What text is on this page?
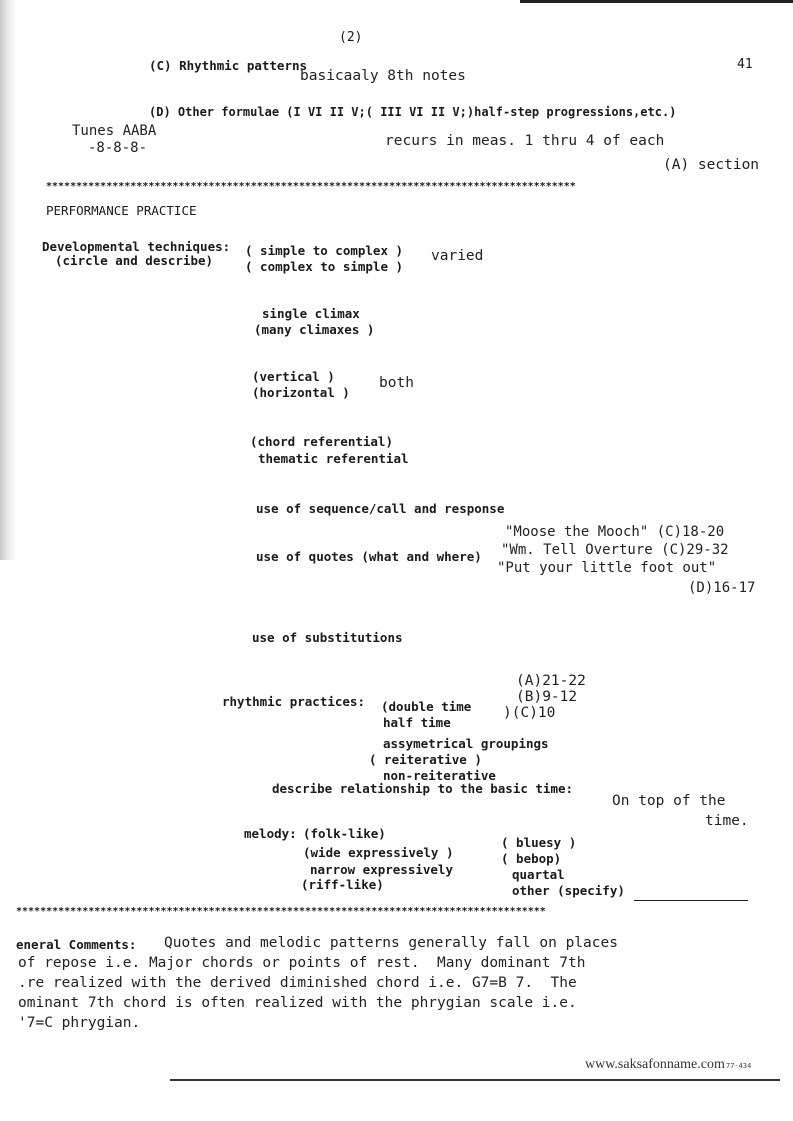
(2)
41
(C) Rhythmic patterns
basicaaly 8th notes
(D) Other formulae (I VI II V;( III VI II V;)half-step progressions,etc.)
Tunes AABA
-8-8-8-	recurs in meas. 1 thru 4 of each
(A) section
****************************************************************************************
PERFORMANCE PRACTICE
Developmental techniques:
(circle and describe)
( simple to complex )
( complex to simple )
varied
single climax
(many climaxes )
(vertical )
(horizontal )
both
(chord referential)
thematic referential
use of sequence/call and response
use of quotes (what and where)
"Moose the Mooch" (C)18-20
"Wm. Tell Overture (C)29-32
"Put your little foot out"
(D)16-17
use of substitutions
(A)21-22
(B)9-12
)(C)10
rhythmic practices: (double time
half time
assymetrical groupings
( reiterative )
non-reiterative
describe relationship to the basic time:
On top of the
time.
melody: (folk-like)
(wide expressively )
narrow expressively
(riff-like)
( bluesy )
( bebop)
quartal
other (specify)
****************************************************************************************
eneral Comments: Quotes and melodic patterns generally fall on places
of repose i.e. Major chords or points of rest.  Many dominant 7th
.re realized with the derived diminished chord i.e. G7=B 7.  The
ominant 7th chord is often realized with the phrygian scale i.e.
'7=C phrygian.
77-434
www.saksafonname.com
